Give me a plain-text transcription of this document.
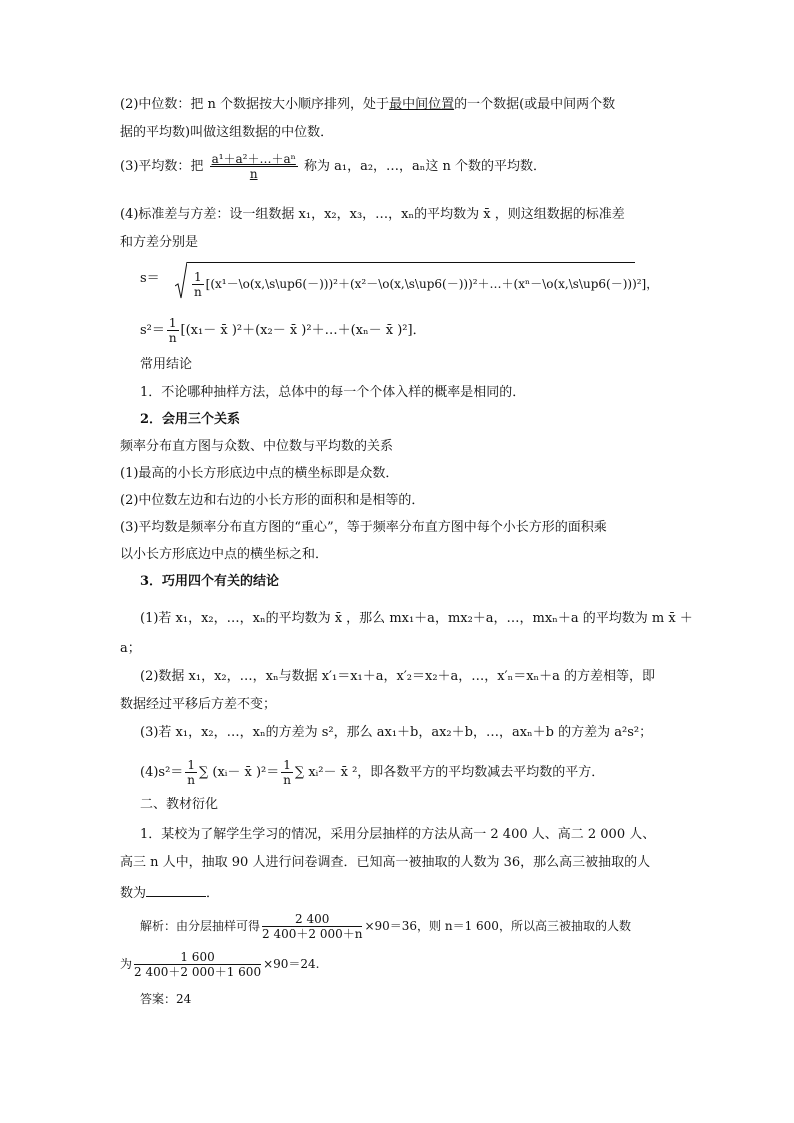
(2)中位数：把 n 个数据按大小顺序排列，处于最中间位置的一个数据(或最中间两个数
据的平均数)叫做这组数据的中位数．
(3)平均数：把 $\frac{\text{a¹＋a²＋…＋aⁿ}}{n}$ 称为 a₁，a₂，…，aₙ这 n 个数的平均数．
(4)标准差与方差：设一组数据 x₁，x₂，x₃，…，xₙ的平均数为 x̄ ，则这组数据的标准差
和方差分别是
s＝	$\frac{1}{n}$ [(x¹－\o(x,\s\up6(－)))²＋(x²－\o(x,\s\up6(－)))²＋…＋(xⁿ－\o(x,\s\up6(－)))²]，
$s^2= \frac{1}{n} [(x_1-$ x̄ )²＋(x₂－ x̄ )²＋…＋(xₙ－ x̄ )²]．
常用结论
1．不论哪种抽样方法，总体中的每一个个体入样的概率是相同的．
2．会用三个关系
频率分布直方图与众数、中位数与平均数的关系
(1)最高的小长方形底边中点的横坐标即是众数．
(2)中位数左边和右边的小长方形的面积和是相等的．
(3)平均数是频率分布直方图的“重心”，等于频率分布直方图中每个小长方形的面积乘
以小长方形底边中点的横坐标之和．
3．巧用四个有关的结论
(1)若 x₁，x₂，…，xₙ的平均数为 x̄ ，那么 mx₁＋a，mx₂＋a，…，mxₙ＋a 的平均数为 m x̄ ＋
a；
(2)数据 x₁，x₂，…，xₙ与数据 x′₁＝x₁＋a，x′₂＝x₂＋a，…，x′ₙ＝xₙ＋a 的方差相等，即
数据经过平移后方差不变；
(3)若 x₁，x₂，…，xₙ的方差为 s²，那么 ax₁＋b，ax₂＋b，…，axₙ＋b 的方差为 a²s²；
$(4)s^2= \frac{1}{n}$ ∑ (xᵢ－ x̄ )$^2= \frac{1}{n}$ ∑ xᵢ²－ x̄ ²，即各数平方的平均数减去平均数的平方．
二、教材衍化
1．某校为了解学生学习的情况，采用分层抽样的方法从高一 2 400 人、高二 2 000 人、
高三 n 人中，抽取 90 人进行问卷调查．已知高一被抽取的人数为 36，那么高三被抽取的人
数为	．
解析：由分层抽样可得 $\frac{2 400}{2 400+2 000+n} \times 90=36$，则 n＝1 600，所以高三被抽取的人数
为 $\frac{1 600}{2 400+2 000+1 600} \times 90=24$.
答案：24
